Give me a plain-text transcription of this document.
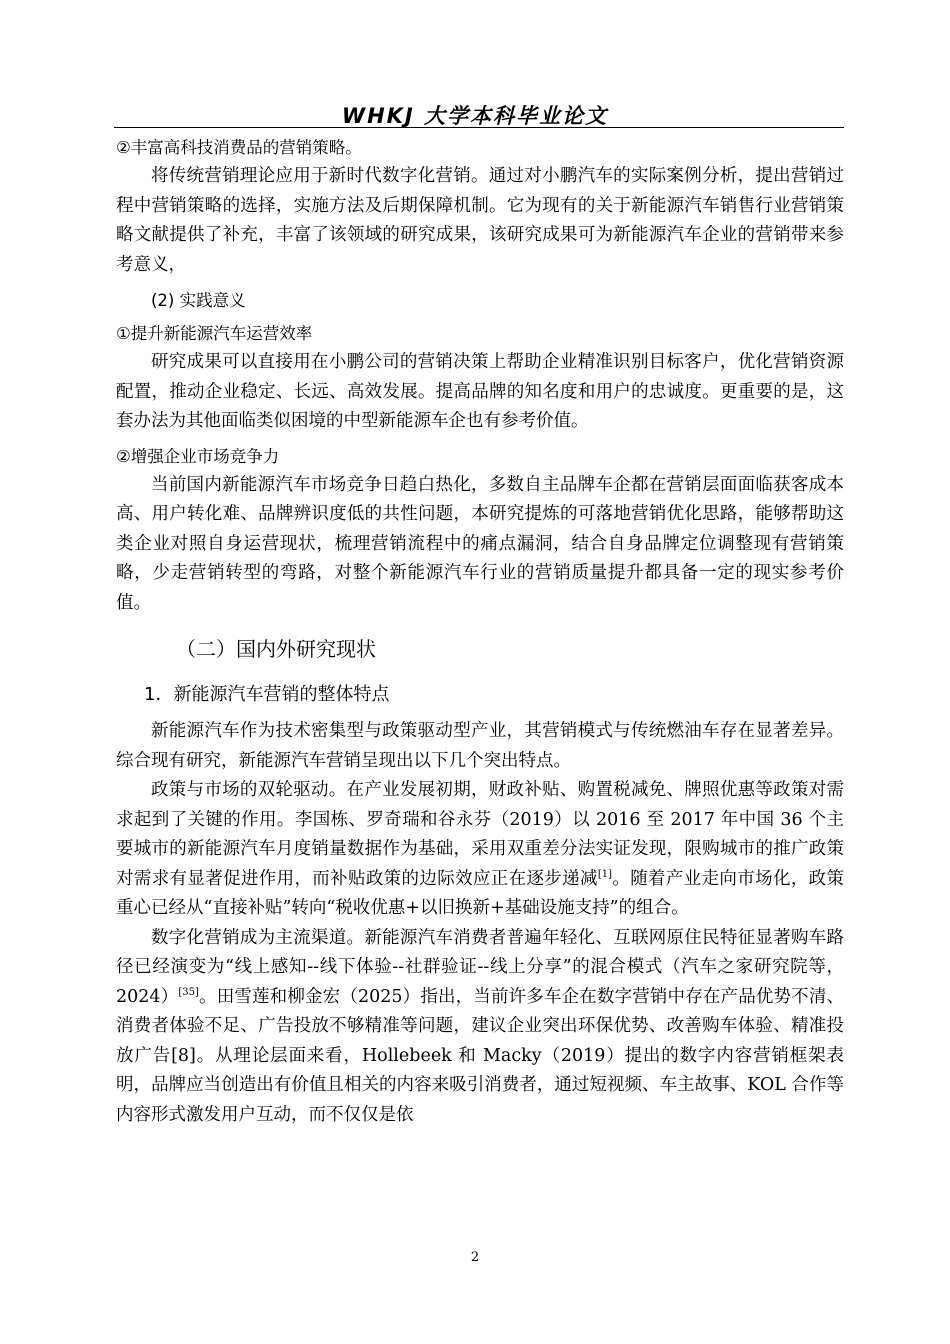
WHKJ 大学本科毕业论文

②丰富高科技消费品的营销策略。

将传统营销理论应用于新时代数字化营销。通过对小鹏汽车的实际案例分析，提出营销过程中营销策略的选择，实施方法及后期保障机制。它为现有的关于新能源汽车销售行业营销策略文献提供了补充，丰富了该领域的研究成果，该研究成果可为新能源汽车企业的营销带来参考意义，

(2) 实践意义

①提升新能源汽车运营效率

研究成果可以直接用在小鹏公司的营销决策上帮助企业精准识别目标客户，优化营销资源配置，推动企业稳定、长远、高效发展。提高品牌的知名度和用户的忠诚度。更重要的是，这套办法为其他面临类似困境的中型新能源车企也有参考价值。

②增强企业市场竞争力

当前国内新能源汽车市场竞争日趋白热化，多数自主品牌车企都在营销层面面临获客成本高、用户转化难、品牌辨识度低的共性问题，本研究提炼的可落地营销优化思路，能够帮助这类企业对照自身运营现状，梳理营销流程中的痛点漏洞，结合自身品牌定位调整现有营销策略，少走营销转型的弯路，对整个新能源汽车行业的营销质量提升都具备一定的现实参考价值。

（二）国内外研究现状

1．新能源汽车营销的整体特点

新能源汽车作为技术密集型与政策驱动型产业，其营销模式与传统燃油车存在显著差异。综合现有研究，新能源汽车营销呈现出以下几个突出特点。

政策与市场的双轮驱动。在产业发展初期，财政补贴、购置税减免、牌照优惠等政策对需求起到了关键的作用。李国栋、罗奇瑞和谷永芬（2019）以 2016 至 2017 年中国 36 个主要城市的新能源汽车月度销量数据作为基础，采用双重差分法实证发现，限购城市的推广政策对需求有显著促进作用，而补贴政策的边际效应正在逐步递减[1]。随着产业走向市场化，政策重心已经从“直接补贴”转向“税收优惠+以旧换新+基础设施支持”的组合。

数字化营销成为主流渠道。新能源汽车消费者普遍年轻化、互联网原住民特征显著购车路径已经演变为“线上感知--线下体验--社群验证--线上分享”的混合模式（汽车之家研究院等，2024）[35]。田雪莲和柳金宏（2025）指出，当前许多车企在数字营销中存在产品优势不清、消费者体验不足、广告投放不够精准等问题，建议企业突出环保优势、改善购车体验、精准投放广告[8]。从理论层面来看，Hollebeek 和 Macky（2019）提出的数字内容营销框架表明，品牌应当创造出有价值且相关的内容来吸引消费者，通过短视频、车主故事、KOL 合作等内容形式激发用户互动，而不仅仅是依

2
